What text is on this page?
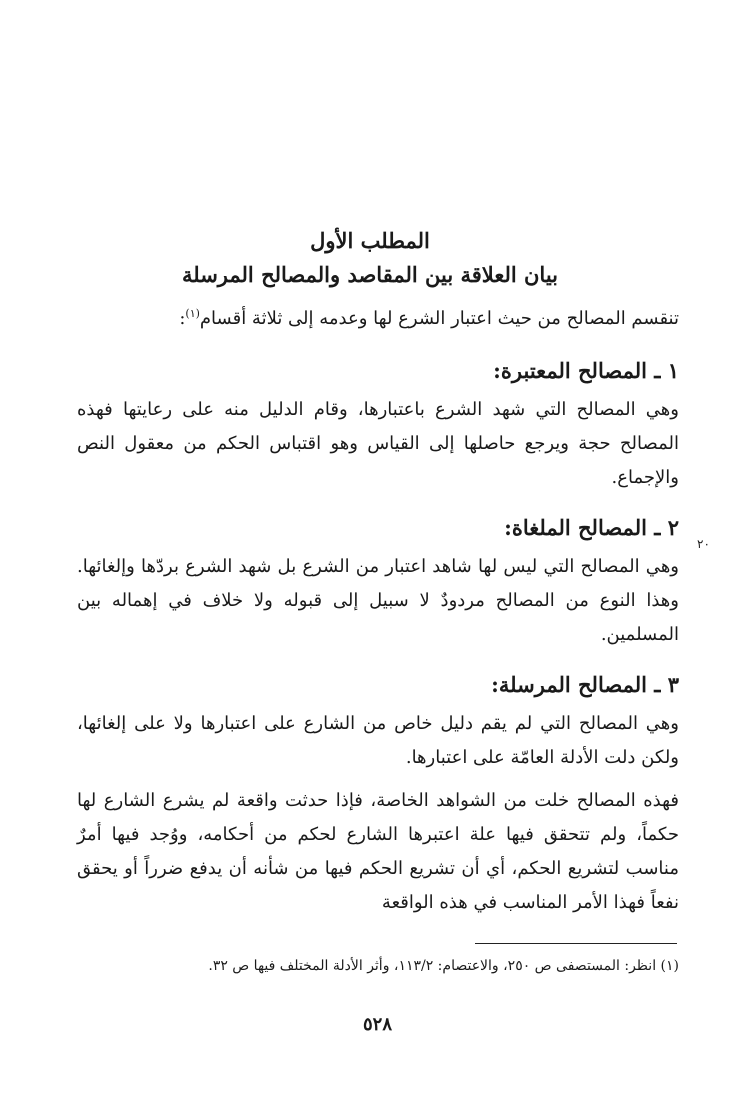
المطلب الأول
بيان العلاقة بين المقاصد والمصالح المرسلة
تنقسم المصالح من حيث اعتبار الشرع لها وعدمه إلى ثلاثة أقسام$^{(١)}$:
١ ـ المصالح المعتبرة:
وهي المصالح التي شهد الشرع باعتبارها، وقام الدليل منه على رعايتها فهذه المصالح حجة ويرجع حاصلها إلى القياس وهو اقتباس الحكم من معقول النص والإجماع.
٢ ـ المصالح الملغاة:
وهي المصالح التي ليس لها شاهد اعتبار من الشرع بل شهد الشرع بردّها وإلغائها. وهذا النوع من المصالح مردودٌ لا سبيل إلى قبوله ولا خلاف في إهماله بين المسلمين.
٢٠
٣ ـ المصالح المرسلة:
وهي المصالح التي لم يقم دليل خاص من الشارع على اعتبارها ولا على إلغائها، ولكن دلت الأدلة العامّة على اعتبارها.
فهذه المصالح خلت من الشواهد الخاصة، فإذا حدثت واقعة لم يشرع الشارع لها حكماً، ولم تتحقق فيها علة اعتبرها الشارع لحكم من أحكامه، ووُجد فيها أمرٌ مناسب لتشريع الحكم، أي أن تشريع الحكم فيها من شأنه أن يدفع ضرراً أو يحقق نفعاً فهذا الأمر المناسب في هذه الواقعة
(١) انظر: المستصفى ص ٢٥٠، والاعتصام: ١١٣/٢، وأثر الأدلة المختلف فيها ص ٣٢.
٥٢٨
